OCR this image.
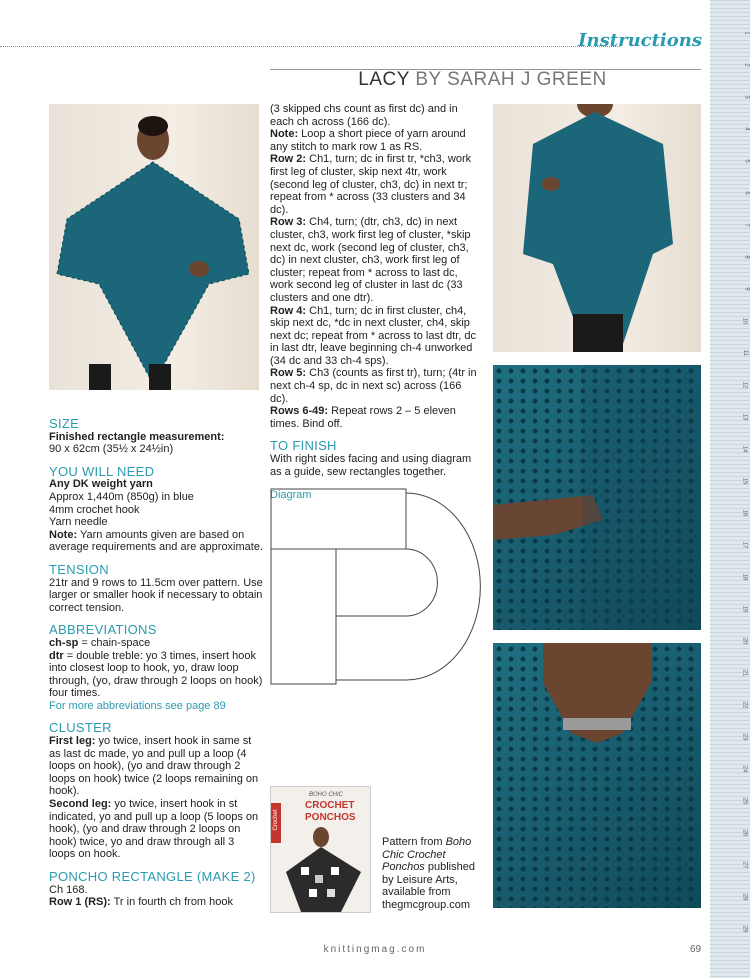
Instructions
LACY BY SARAH J GREEN

SIZE

Finished rectangle measurement:

90 x 62cm (35½ x 24½in)

YOU WILL NEED

Any DK weight yarn

Approx 1,440m (850g) in blue

4mm crochet hook

Yarn needle

Note: Yarn amounts given are based on average requirements and are approximate.

TENSION

21tr and 9 rows to 11.5cm over pattern. Use larger or smaller hook if necessary to obtain correct tension.

ABBREVIATIONS

ch-sp = chain-space

dtr = double treble: yo 3 times, insert hook into closest loop to hook, yo, draw loop through, (yo, draw through 2 loops on hook) four times.

For more abbreviations see page 89

CLUSTER

First leg: yo twice, insert hook in same st as last dc made, yo and pull up a loop (4 loops on hook), (yo and draw through 2 loops on hook) twice (2 loops remaining on hook).

Second leg: yo twice, insert hook in st indicated, yo and pull up a loop (5 loops on hook), (yo and draw through 2 loops on hook) twice, yo and draw through all 3 loops on hook.

PONCHO RECTANGLE (MAKE 2)

Ch 168.

Row 1 (RS): Tr in fourth ch from hook

(3 skipped chs count as first dc) and in each ch across (166 dc).

Note: Loop a short piece of yarn around any stitch to mark row 1 as RS.

Row 2: Ch1, turn; dc in first tr, *ch3, work first leg of cluster, skip next 4tr, work (second leg of cluster, ch3, dc) in next tr; repeat from * across (33 clusters and 34 dc).

Row 3: Ch4, turn; (dtr, ch3, dc) in next cluster, ch3, work first leg of cluster, *skip next dc, work (second leg of cluster, ch3, dc) in next cluster, ch3, work first leg of cluster; repeat from * across to last dc, work second leg of cluster in last dc (33 clusters and one dtr).

Row 4: Ch1, turn; dc in first cluster, ch4, skip next dc, *dc in next cluster, ch4, skip next dc; repeat from * across to last dtr, dc in last dtr, leave beginning ch-4 unworked (34 dc and 33 ch-4 sps).

Row 5: Ch3 (counts as first tr), turn; (4tr in next ch-4 sp, dc in next sc) across (166 dc).

Rows 6-49: Repeat rows 2 – 5 eleven times. Bind off.

TO FINISH

With right sides facing and using diagram as a guide, sew rectangles together.

Diagram

Crochet
BOHO CHIC
CROCHET
PONCHOS

Pattern from Boho Chic Crochet Ponchos published by Leisure Arts, available from thegmcgroup.com

1
2
3
4
5
6
7
8
9
10
11
12
13
14
15
16
17
18
19
20
21
22
23
24
25
26
27
28
29
knittingmag.com	69
